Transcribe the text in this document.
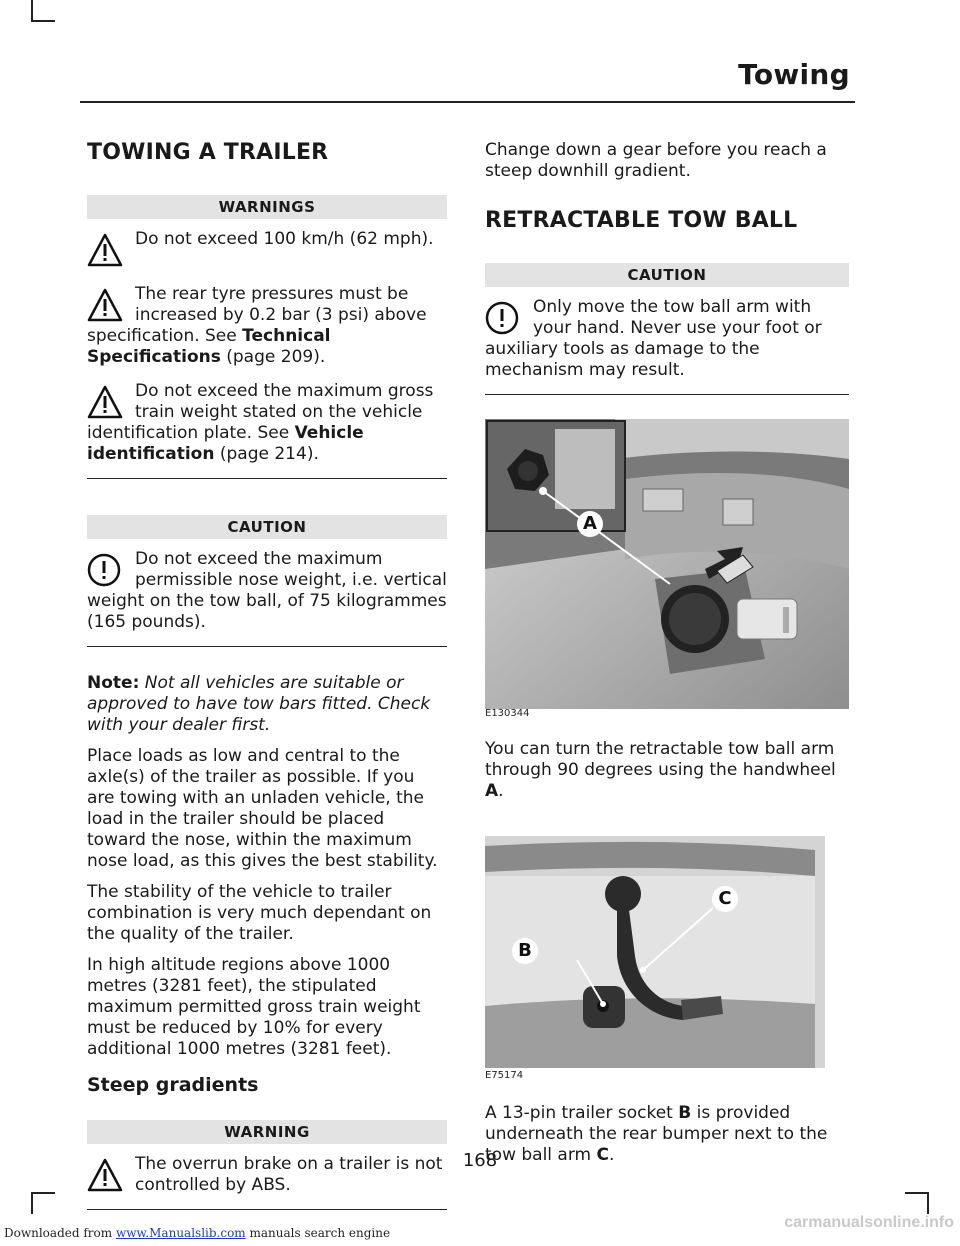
Towing
TOWING A TRAILER
WARNINGS
Do not exceed 100 km/h (62 mph).
The rear tyre pressures must be increased by 0.2 bar (3 psi) above specification. See Technical Specifications (page 209).
Do not exceed the maximum gross train weight stated on the vehicle identification plate. See Vehicle identification (page 214).
CAUTION
Do not exceed the maximum permissible nose weight, i.e. vertical weight on the tow ball, of 75 kilogrammes (165 pounds).

Note: Not all vehicles are suitable or approved to have tow bars fitted. Check with your dealer first.

Place loads as low and central to the axle(s) of the trailer as possible. If you are towing with an unladen vehicle, the load in the trailer should be placed toward the nose, within the maximum nose load, as this gives the best stability.

The stability of the vehicle to trailer combination is very much dependant on the quality of the trailer.

In high altitude regions above 1000 metres (3281 feet), the stipulated maximum permitted gross train weight must be reduced by 10% for every additional 1000 metres (3281 feet).

Steep gradients
WARNING
The overrun brake on a trailer is not controlled by ABS.

Change down a gear before you reach a steep downhill gradient.

RETRACTABLE TOW BALL
CAUTION
Only move the tow ball arm with your hand. Never use your foot or auxiliary tools as damage to the mechanism may result.
A
E130344

You can turn the retractable tow ball arm through 90 degrees using the handwheel A.

B
C
E75174

A 13-pin trailer socket B is provided underneath the rear bumper next to the tow ball arm C.

168
Downloaded from www.Manualslib.com manuals search engine
carmanualsonline.info
